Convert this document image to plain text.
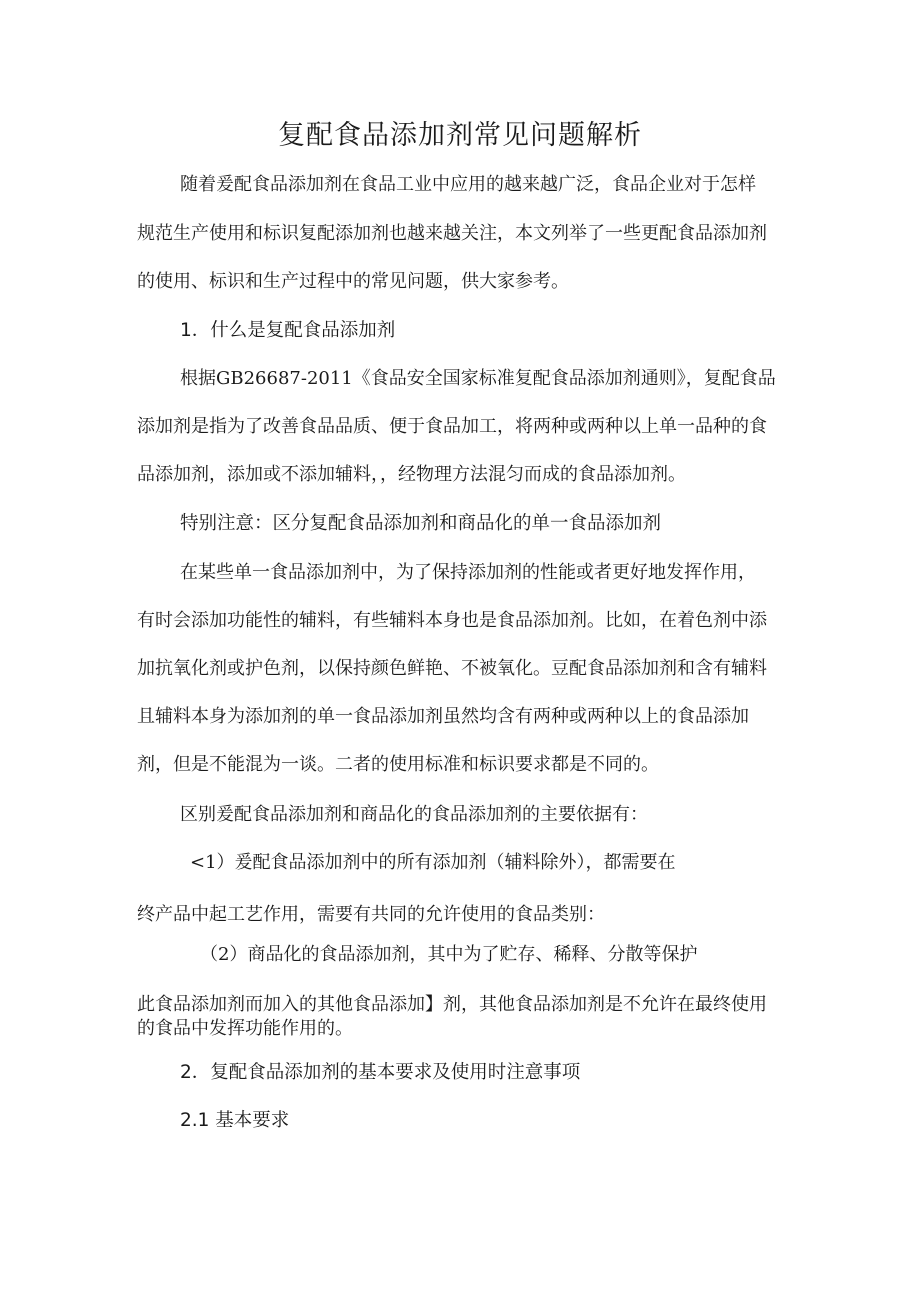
复配食品添加剂常见问题解析
随着爰配食品添加剂在食品工业中应用的越来越广泛，食品企业对于怎样
规范生产使用和标识复配添加剂也越来越关注，本文列举了一些更配食品添加剂
的使用、标识和生产过程中的常见问题，供大家参考。
1．什么是复配食品添加剂
根据GB26687-2011《食品安全国家标准复配食品添加剂通则》，复配食品
添加剂是指为了改善食品品质、便于食品加工，将两种或两种以上单一品种的食
品添加剂，添加或不添加辅料，，经物理方法混匀而成的食品添加剂。
特别注意：区分复配食品添加剂和商品化的单一食品添加剂
在某些单一食品添加剂中，为了保持添加剂的性能或者更好地发挥作用，
有时会添加功能性的辅料，有些辅料本身也是食品添加剂。比如，在着色剂中添
加抗氧化剂或护色剂，以保持颜色鲜艳、不被氧化。豆配食品添加剂和含有辅料
且辅料本身为添加剂的单一食品添加剂虽然均含有两种或两种以上的食品添加
剂，但是不能混为一谈。二者的使用标准和标识要求都是不同的。
区别爰配食品添加剂和商品化的食品添加剂的主要依据有：
<1）爰配食品添加剂中的所有添加剂（辅料除外），都需要在
终产品中起工艺作用，需要有共同的允许使用的食品类别：
（2）商品化的食品添加剂，其中为了贮存、稀释、分散等保护
此食品添加剂而加入的其他食品添加】剂，其他食品添加剂是不允许在最终使用
的食品中发挥功能作用的。
2．复配食品添加剂的基本要求及使用时注意事项
2.1 基本要求
